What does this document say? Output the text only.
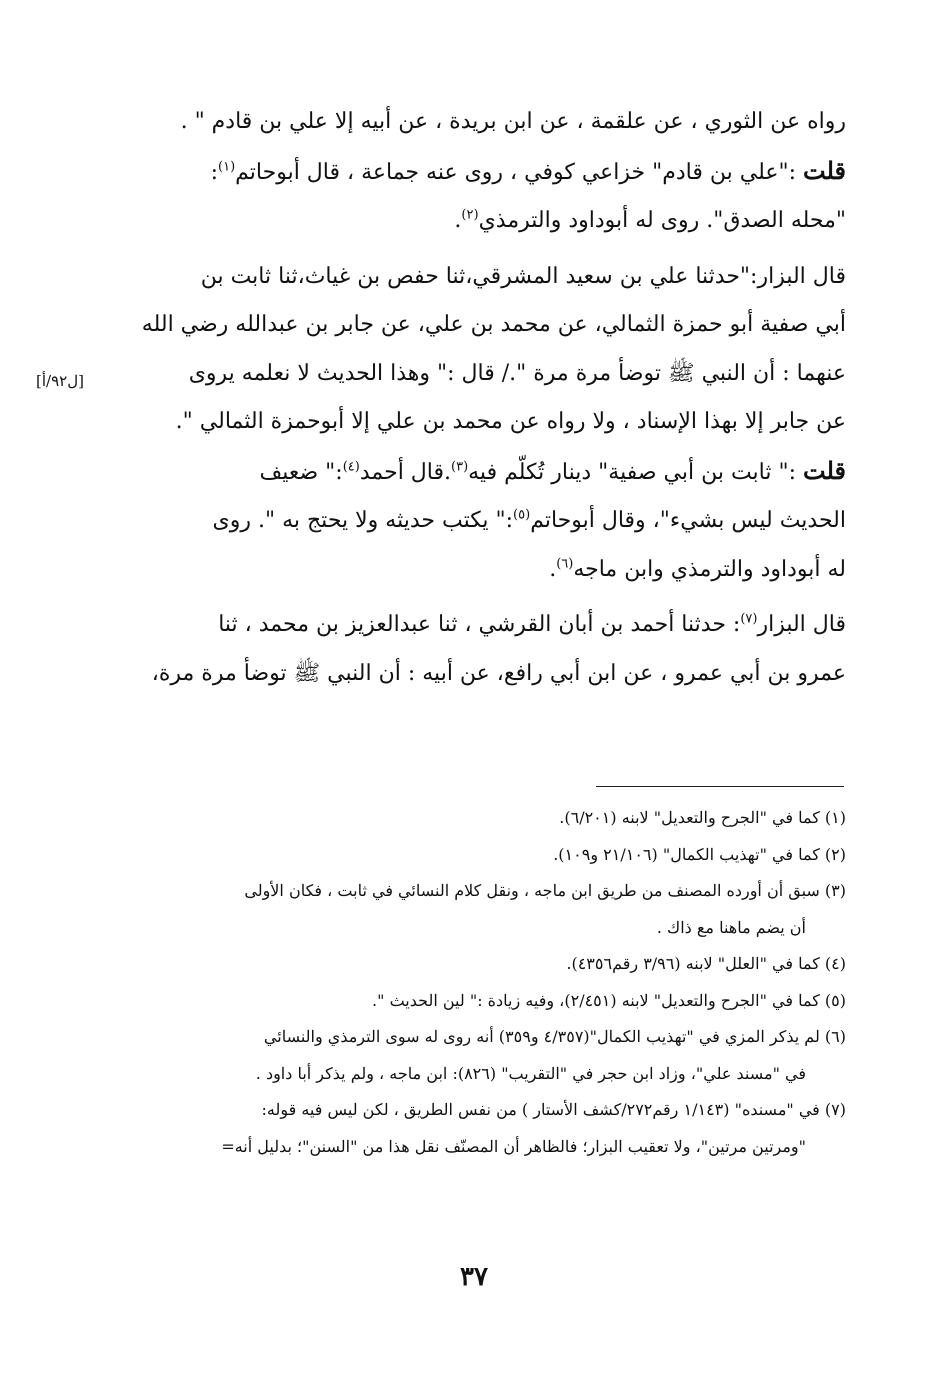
رواه عن الثوري ، عن علقمة ، عن ابن بريدة ، عن أبيه إلا علي بن قادم " .

قلت :"علي بن قادم" خزاعي كوفي ، روى عنه جماعة ، قال أبوحاتم$^{(١)}$:
"محله الصدق". روى له أبوداود والترمذي$^{(٢)}$.

قال البزار:"حدثنا علي بن سعيد المشرقي،ثنا حفص بن غياث،ثنا ثابت بن
أبي صفية أبو حمزة الثمالي، عن محمد بن علي، عن جابر بن عبدالله رضي الله
عنهما : أن النبي ﷺ توضأ مرة مرة "./ قال :" وهذا الحديث لا نعلمه يروى
عن جابر إلا بهذا الإسناد ، ولا رواه عن محمد بن علي إلا أبوحمزة الثمالي ".

قلت :" ثابت بن أبي صفية" دينار تُكلّم فيه$^{(٣)}$.قال أحمد$^{(٤)}$:" ضعيف
الحديث ليس بشيء"، وقال أبوحاتم$^{(٥)}$:" يكتب حديثه ولا يحتج به ". روى
له أبوداود والترمذي وابن ماجه$^{(٦)}$.

قال البزار$^{(٧)}$: حدثنا أحمد بن أبان القرشي ، ثنا عبدالعزيز بن محمد ، ثنا
عمرو بن أبي عمرو ، عن ابن أبي رافع، عن أبيه : أن النبي ﷺ توضأ مرة مرة،

[ل٩٢/أ]

(١) كما في "الجرح والتعديل" لابنه (٦/٢٠١).

(٢) كما في "تهذيب الكمال" (٢١/١٠٦ و١٠٩).

(٣) سبق أن أورده المصنف من طريق ابن ماجه ، ونقل كلام النسائي في ثابت ، فكان الأولى
أن يضم ماهنا مع ذاك .

(٤) كما في "العلل" لابنه (٣/٩٦ رقم٤٣٥٦).

(٥) كما في "الجرح والتعديل" لابنه (٢/٤٥١)، وفيه زيادة :" لين الحديث ".

(٦) لم يذكر المزي في "تهذيب الكمال"(٤/٣٥٧ و٣٥٩) أنه روى له سوى الترمذي والنسائي
في "مسند علي"، وزاد ابن حجر في "التقريب" (٨٢٦): ابن ماجه ، ولم يذكر أبا داود .

(٧) في "مسنده" (١/١٤٣ رقم٢٧٢/كشف الأستار ) من نفس الطريق ، لكن ليس فيه قوله:
"ومرتين مرتين"، ولا تعقيب البزار؛ فالظاهر أن المصنّف نقل هذا من "السنن"؛ بدليل أنه=

٣٧
